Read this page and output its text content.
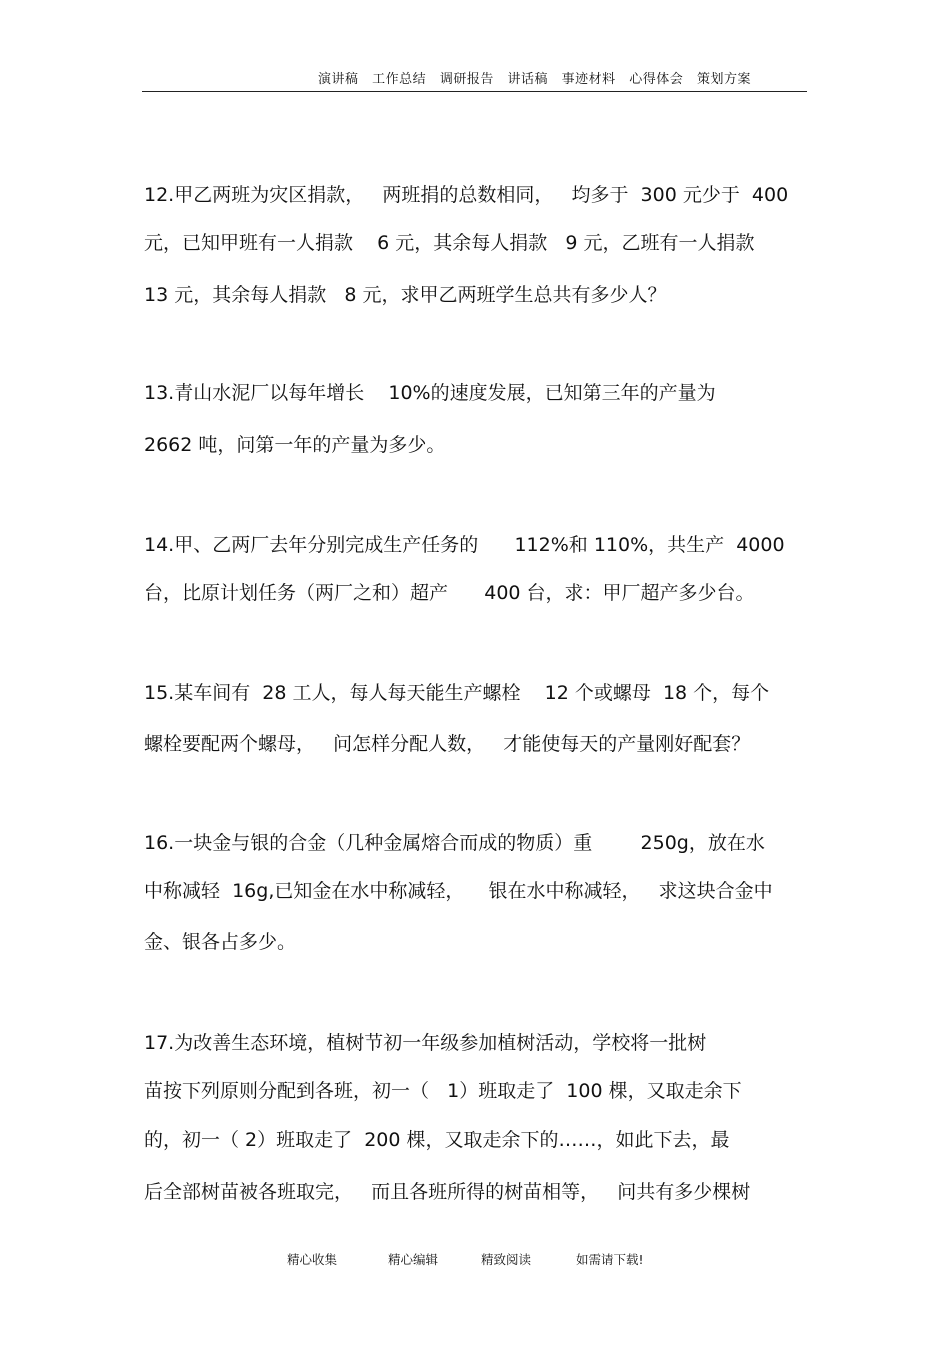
演讲稿 工作总结 调研报告 讲话稿 事迹材料 心得体会 策划方案
12.甲乙两班为灾区捐款，   两班捐的总数相同，   均多于  300 元少于  400
元，已知甲班有一人捐款    6 元，其余每人捐款   9 元，乙班有一人捐款
13 元，其余每人捐款   8 元，求甲乙两班学生总共有多少人？
13.青山水泥厂以每年增长    10%的速度发展，已知第三年的产量为
2662 吨，问第一年的产量为多少。
14.甲、乙两厂去年分别完成生产任务的      112%和 110%，共生产  4000
台，比原计划任务（两厂之和）超产      400 台，求：甲厂超产多少台。
15.某车间有  28 工人，每人每天能生产螺栓    12 个或螺母  18 个，每个
螺栓要配两个螺母，   问怎样分配人数，   才能使每天的产量刚好配套？
16.一块金与银的合金（几种金属熔合而成的物质）重        250g，放在水
中称减轻  16g,已知金在水中称减轻，    银在水中称减轻，   求这块合金中
金、银各占多少。
17.为改善生态环境，植树节初一年级参加植树活动，学校将一批树
苗按下列原则分配到各班，初一（   1）班取走了  100 棵，又取走余下
的，初一（ 2）班取走了  200 棵，又取走余下的……，如此下去，最
后全部树苗被各班取完，   而且各班所得的树苗相等，   问共有多少棵树
精心收集	精心编辑	精致阅读	如需请下载!
